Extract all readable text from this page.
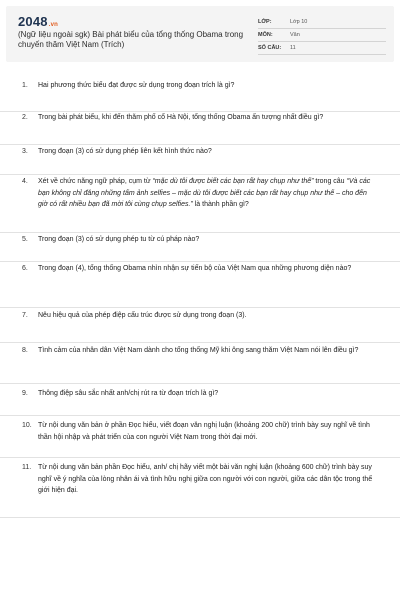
2048.vn
(Ngữ liệu ngoài sgk) Bài phát biểu của tổng thống Obama trong chuyến thăm Việt Nam (Trích)
LỚP:	Lớp 10
MÔN:	Văn
SỐ CÂU:	11
1. Hai phương thức biểu đạt được sử dụng trong đoạn trích là gì?
2. Trong bài phát biểu, khi đến thăm phố cổ Hà Nội, tổng thống Obama ấn tượng nhất điều gì?
3. Trong đoạn (3) có sử dụng phép liên kết hình thức nào?
4. Xét về chức năng ngữ pháp, cụm từ “mặc dù tôi được biết các bạn rất hay chụp như thế” trong câu “Và các bạn không chỉ đăng những tấm ảnh selfies – mặc dù tôi được biết các bạn rất hay chụp như thế – cho đến giờ có rất nhiều bạn đã mời tôi cùng chụp selfies.” là thành phần gì?
5. Trong đoạn (3) có sử dụng phép tu từ cú pháp nào?
6. Trong đoạn (4), tổng thống Obama nhìn nhận sự tiến bộ của Việt Nam qua những phương diện nào?
7. Nêu hiệu quả của phép điệp cấu trúc được sử dụng trong đoạn (3).
8. Tình cảm của nhân dân Việt Nam dành cho tổng thống Mỹ khi ông sang thăm Việt Nam nói lên điều gì?
9. Thông điệp sâu sắc nhất anh/chị rút ra từ đoạn trích là gì?
10. Từ nội dung văn bản ở phần Đọc hiểu, viết đoạn văn nghị luận (khoảng 200 chữ) trình bày suy nghĩ về tình thần hội nhập và phát triển của con người Việt Nam trong thời đại mới.
11. Từ nội dung văn bản phần Đọc hiểu, anh/ chị hãy viết một bài văn nghị luận (khoảng 600 chữ) trình bày suy nghĩ về ý nghĩa của lòng nhân ái và tình hữu nghị giữa con người với con người, giữa các dân tộc trong thế giới hiện đại.
